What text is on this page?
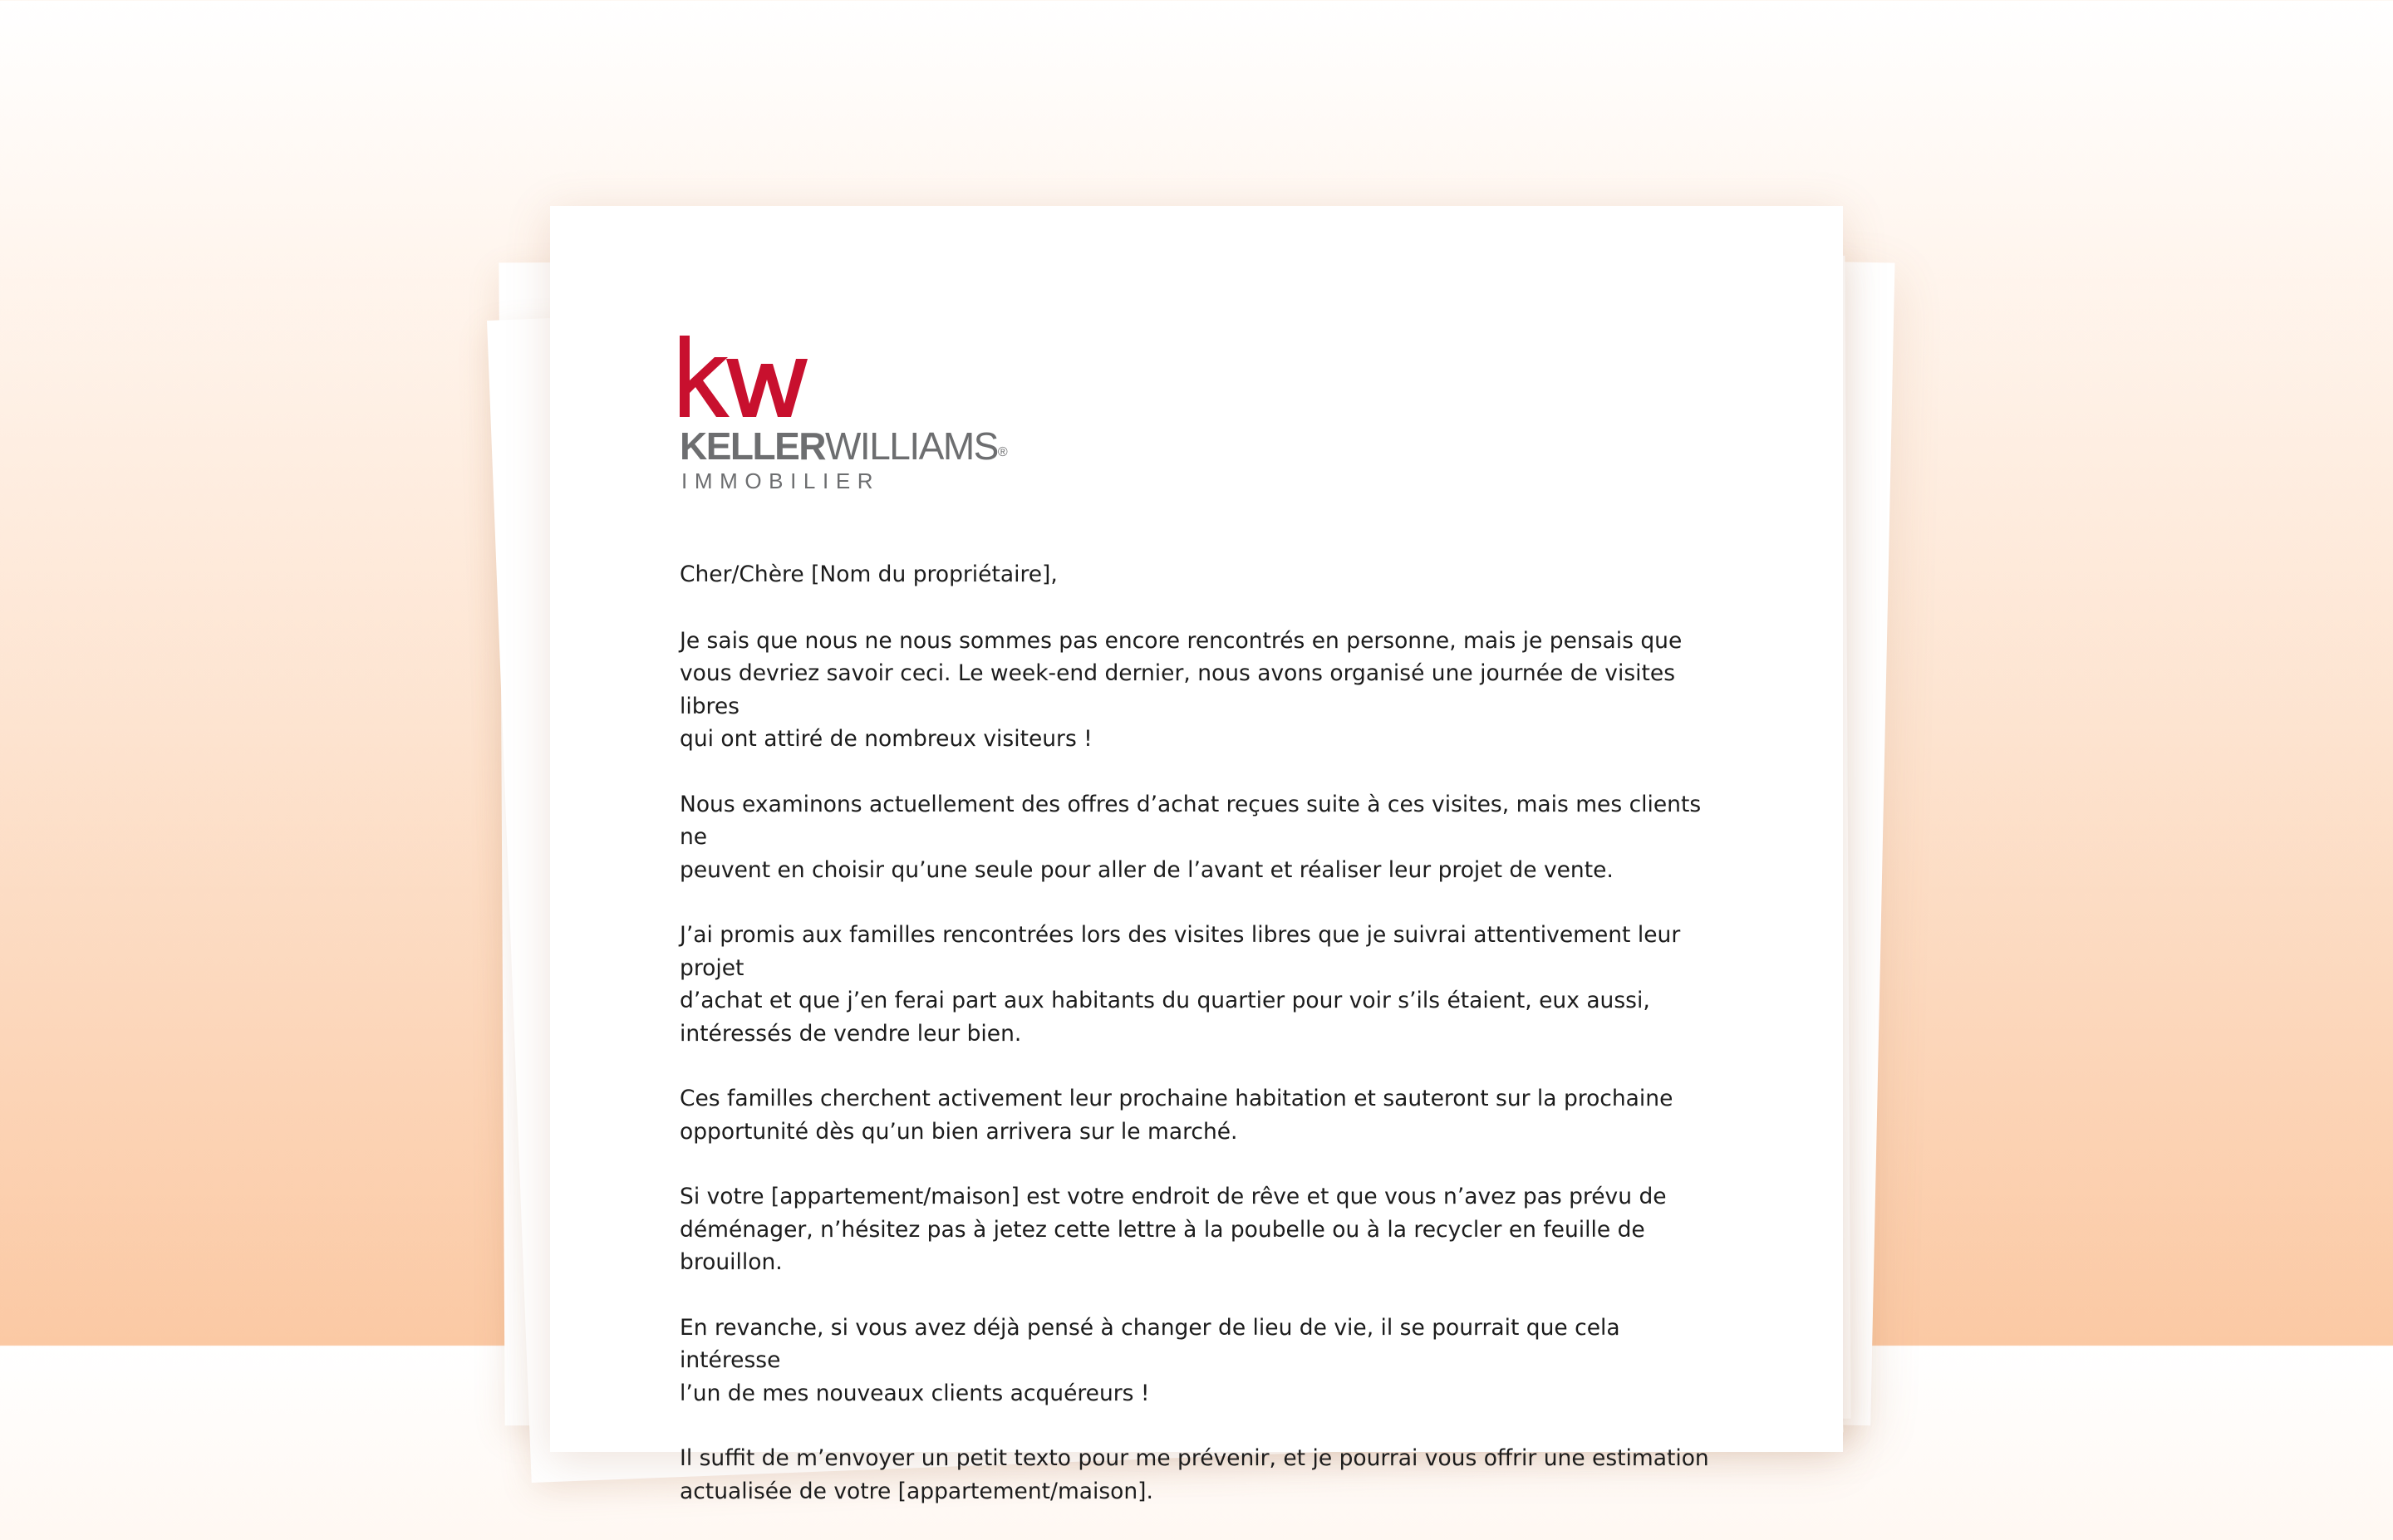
KELLERWILLIAMS®
IMMOBILIER

Cher/Chère [Nom du propriétaire],

Je sais que nous ne nous sommes pas encore rencontrés en personne, mais je pensais que
vous devriez savoir ceci. Le week-end dernier, nous avons organisé une journée de visites libres
qui ont attiré de nombreux visiteurs !

Nous examinons actuellement des offres d’achat reçues suite à ces visites, mais mes clients ne
peuvent en choisir qu’une seule pour aller de l’avant et réaliser leur projet de vente.

J’ai promis aux familles rencontrées lors des visites libres que je suivrai attentivement leur projet
d’achat et que j’en ferai part aux habitants du quartier pour voir s’ils étaient, eux aussi,
intéressés de vendre leur bien.

Ces familles cherchent activement leur prochaine habitation et sauteront sur la prochaine
opportunité dès qu’un bien arrivera sur le marché.

Si votre [appartement/maison] est votre endroit de rêve et que vous n’avez pas prévu de
déménager, n’hésitez pas à jetez cette lettre à la poubelle ou à la recycler en feuille de brouillon.

En revanche, si vous avez déjà pensé à changer de lieu de vie, il se pourrait que cela intéresse
l’un de mes nouveaux clients acquéreurs !

Il suffit de m’envoyer un petit texto pour me prévenir, et je pourrai vous offrir une estimation
actualisée de votre [appartement/maison].
